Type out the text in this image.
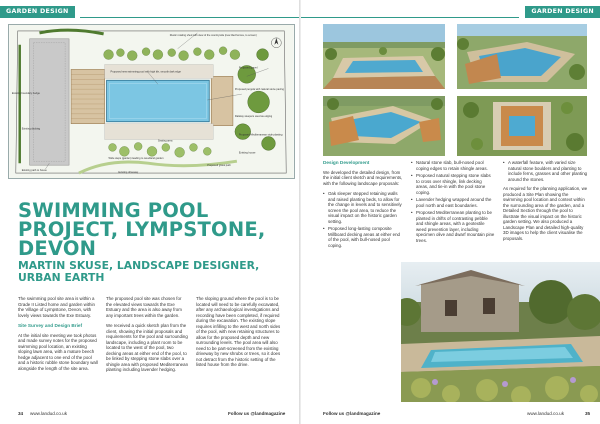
GARDEN DESIGN
Rustic rotating shed with view of the countryside (new tiled fences, to screen)
Proposed new swimming pool with high tile, smooth dark edge
Proposed gravel
Proposed pergola with natural stone paving
Railway sleepers used as edging
Existing decking
Proposed grass path
Existing boundary hedge
Wide steps (garden) leading to woodland garden
Seating area
Proposed Mediterranean style planting
Existing path to house
Existing house
Existing driveway
SWIMMING POOL PROJECT, LYMPSTONE, DEVON
MARTIN SKUSE, LANDSCAPE DESIGNER, URBAN EARTH

The swimming pool site area is within a Grade II Listed home and garden within the Village of Lympstone, Devon, with lovely views towards the Exe Estuary.

Site Survey and Design Brief

At the initial site meeting we took photos and made survey notes for the proposed swimming pool location, an existing sloping lawn area, with a mature beech hedge adjacent to one end of the pool and a historic rubble stone boundary wall alongside the length of the site area.

The proposed pool site was chosen for the elevated views towards the Exe Estuary and the area is also away from any important trees within the garden.

We received a quick sketch plan from the client, showing the initial proposals and requirements for the pool and surrounding landscape, including a plant room to be located to the west of the pool, two decking areas at either end of the pool, to be linked by stepping stone slabs over a shingle area with proposed Mediterranean planting including lavender hedging.

The sloping ground where the pool is to be located will need to be carefully excavated, after any archaeological investigations and recording have been completed, if required during the excavation. The existing slope requires infilling to the west and north sides of the pool, with new retaining structures to allow for the proposed depth and new surrounding levels. The pool area will also need to be part-screened from the existing driveway by new shrubs or trees, so it does not detract from the historic setting of the listed house from the drive.

34 www.landud.co.uk	Follow us @landmagazine
GARDEN DESIGN
Design Development

We developed the detailed design, from the initial client sketch and requirements, with the following landscape proposals:

• Oak sleeper stepped retaining walls and raised planting beds, to allow for the change in levels and to sensitively screen the pool area, to reduce the visual impact on the historic garden setting.
• Proposed long-lasting composite Millboard decking areas at either end of the pool, with bull-nosed pool coping.
• Natural stone slab, bull-nosed pool coping edges to retain shingle areas.
• Proposed natural stepping stone slabs to cross over shingle, link decking areas, and tie-in with the pool stone coping.
• Lavender hedging wrapped around the pool north and east boundaries.
• Proposed Mediterranean planting to be planted in drifts of contrasting pebble and shingle areas, with a geotextile weed prevention layer, including specimen olive and dwarf mountain pine trees.
• A waterfall feature, with varied size natural stone boulders and planting to include ferns, grasses and other planting around the stones.

As required for the planning application, we produced a Site Plan showing the swimming pool location and context within the surrounding area of the garden, and a Detailed Section through the pool to illustrate the visual impact on the historic garden setting. We also produced a Landscape Plan and detailed high-quality 3D images to help the client visualise the proposals.

Follow us @landmagazine	www.landud.co.uk	35
